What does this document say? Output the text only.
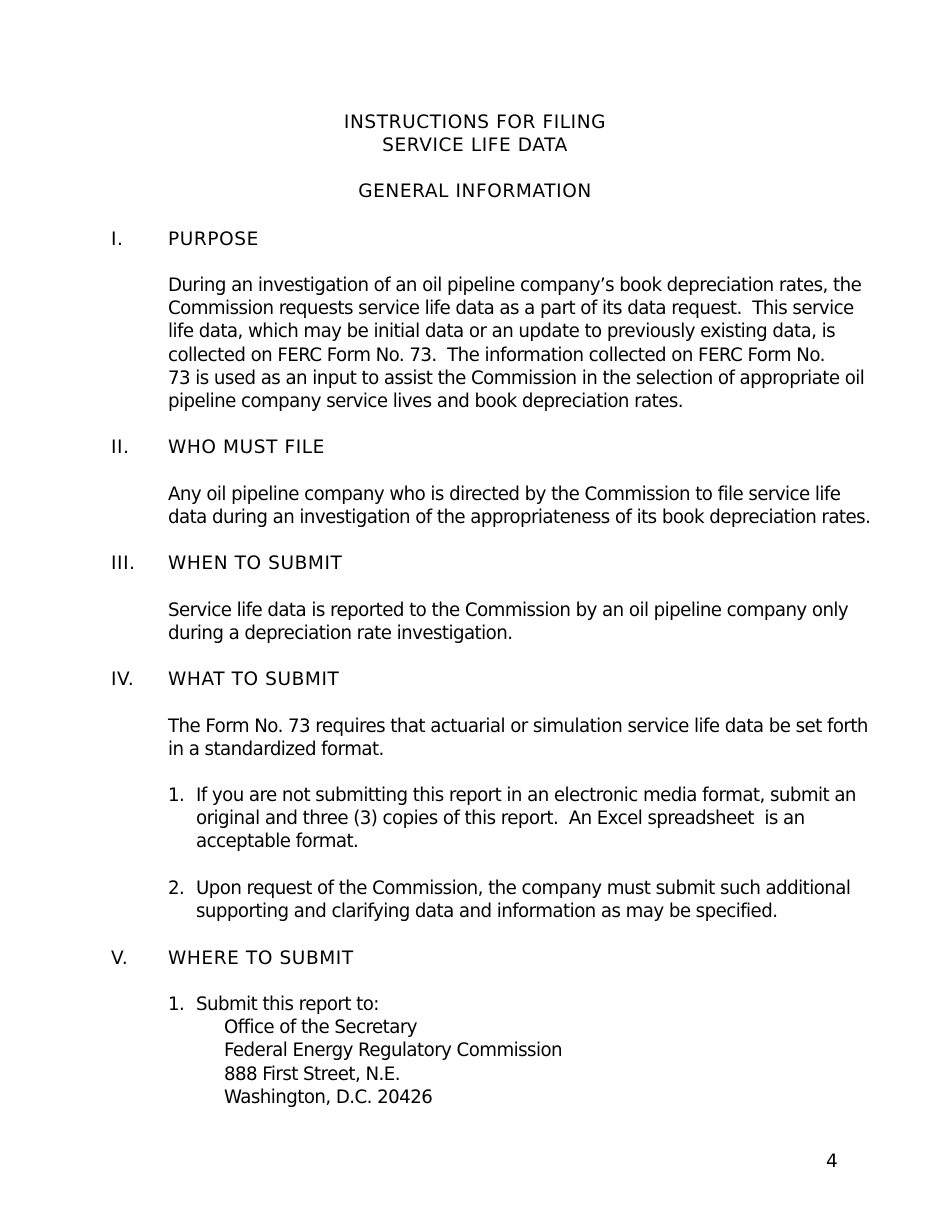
INSTRUCTIONS FOR FILING

SERVICE LIFE DATA

GENERAL INFORMATION

I. PURPOSE

During an investigation of an oil pipeline company’s book depreciation rates, the

Commission requests service life data as a part of its data request.  This service

life data, which may be initial data or an update to previously existing data, is

collected on FERC Form No. 73.  The information collected on FERC Form No.

73 is used as an input to assist the Commission in the selection of appropriate oil

pipeline company service lives and book depreciation rates.

II. WHO MUST FILE

Any oil pipeline company who is directed by the Commission to file service life

data during an investigation of the appropriateness of its book depreciation rates.

III. WHEN TO SUBMIT

Service life data is reported to the Commission by an oil pipeline company only

during a depreciation rate investigation.

IV. WHAT TO SUBMIT

The Form No. 73 requires that actuarial or simulation service life data be set forth

in a standardized format.

1. If you are not submitting this report in an electronic media format, submit an

original and three (3) copies of this report.  An Excel spreadsheet  is an

acceptable format.

2. Upon request of the Commission, the company must submit such additional

supporting and clarifying data and information as may be specified.

V. WHERE TO SUBMIT

1. Submit this report to:

Office of the Secretary

Federal Energy Regulatory Commission

888 First Street, N.E.

Washington, D.C. 20426

4
